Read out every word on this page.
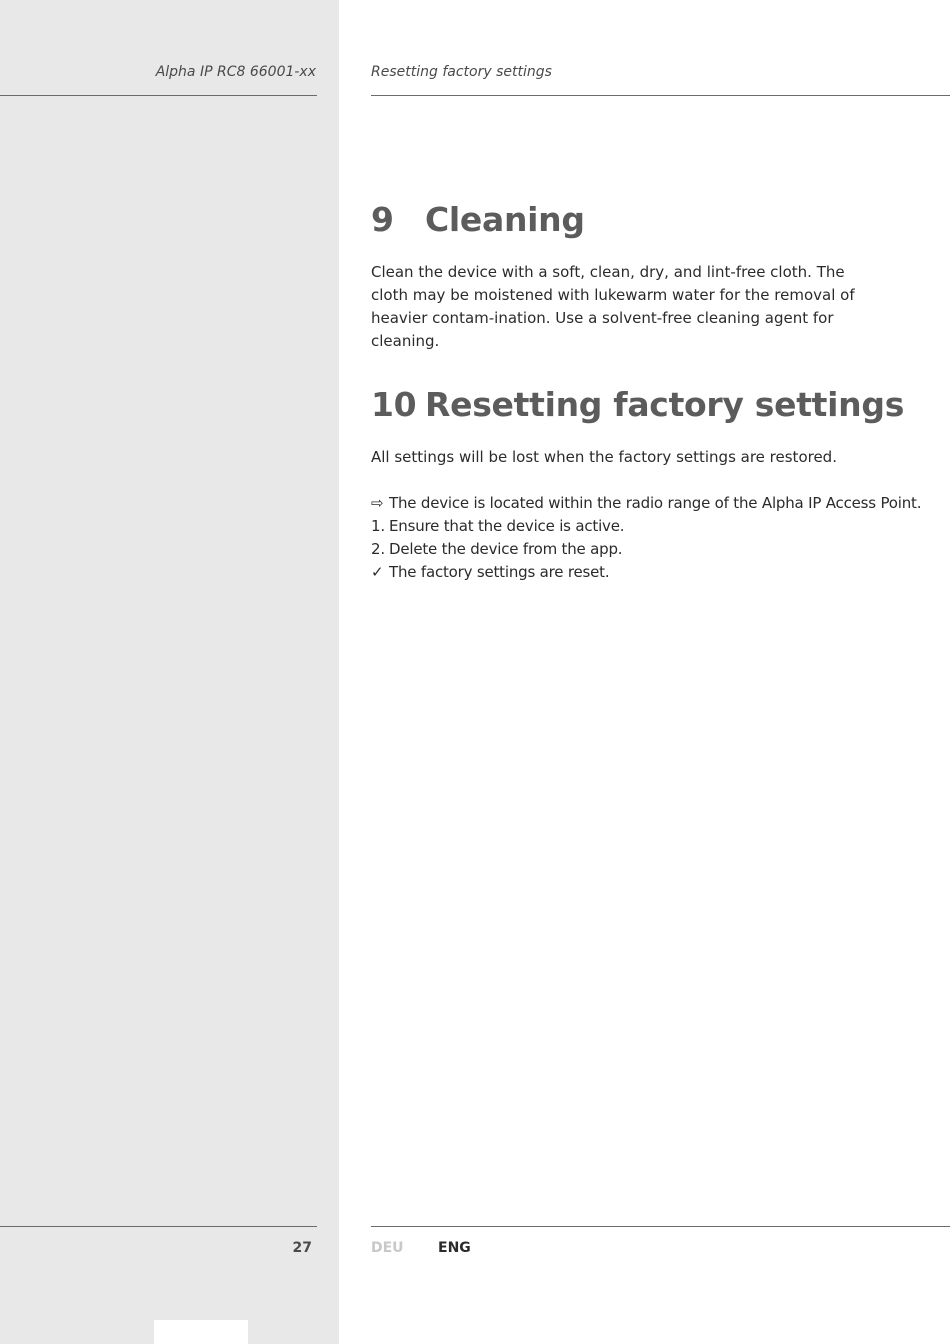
Alpha IP RC8 66001-xx	Resetting factory settings
9 Cleaning

Clean the device with a soft, clean, dry, and lint-free cloth. The cloth may be moistened with lukewarm water for the removal of heavier contam-ination. Use a solvent-free cleaning agent for cleaning.

10 Resetting factory settings

All settings will be lost when the factory settings are restored.

⇨ The device is located within the radio range of the Alpha IP Access Point.
1. Ensure that the device is active.
2. Delete the device from the app.
✓ The factory settings are reset.
27	DEU ENG
